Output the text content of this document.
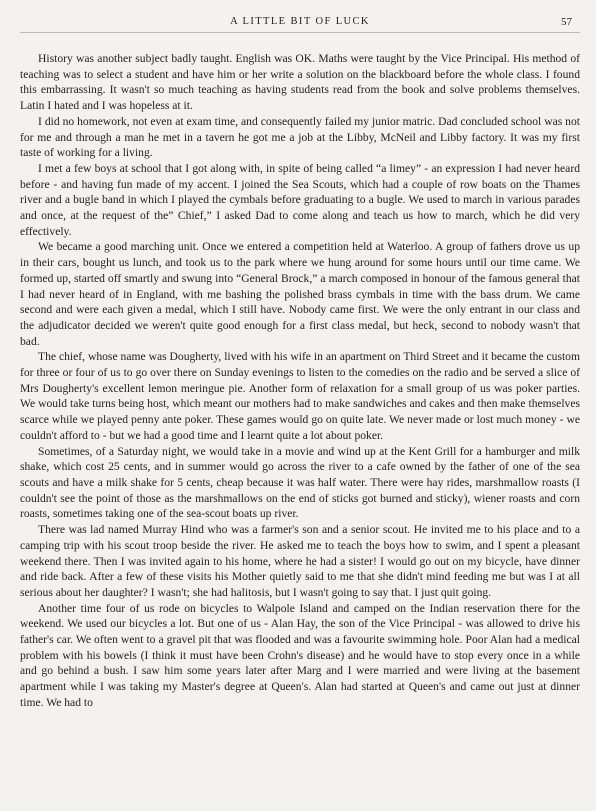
A LITTLE BIT OF LUCK	57

History was another subject badly taught. English was OK. Maths were taught by the Vice Principal. His method of teaching was to select a student and have him or her write a solution on the blackboard before the whole class. I found this embarrassing. It wasn't so much teaching as having students read from the book and solve problems themselves. Latin I hated and I was hopeless at it.

I did no homework, not even at exam time, and consequently failed my junior matric. Dad concluded school was not for me and through a man he met in a tavern he got me a job at the Libby, McNeil and Libby factory. It was my first taste of working for a living.

I met a few boys at school that I got along with, in spite of being called “a limey” - an expression I had never heard before - and having fun made of my accent. I joined the Sea Scouts, which had a couple of row boats on the Thames river and a bugle band in which I played the cymbals before graduating to a bugle. We used to march in various parades and once, at the request of the” Chief,” I asked Dad to come along and teach us how to march, which he did very effectively.

We became a good marching unit. Once we entered a competition held at Waterloo. A group of fathers drove us up in their cars, bought us lunch, and took us to the park where we hung around for some hours until our time came. We formed up, started off smartly and swung into “General Brock,” a march composed in honour of the famous general that I had never heard of in England, with me bashing the polished brass cymbals in time with the bass drum. We came second and were each given a medal, which I still have. Nobody came first. We were the only entrant in our class and the adjudicator decided we weren't quite good enough for a first class medal, but heck, second to nobody wasn't that bad.

The chief, whose name was Dougherty, lived with his wife in an apartment on Third Street and it became the custom for three or four of us to go over there on Sunday evenings to listen to the comedies on the radio and be served a slice of Mrs Dougherty's excellent lemon meringue pie. Another form of relaxation for a small group of us was poker parties. We would take turns being host, which meant our mothers had to make sandwiches and cakes and then make themselves scarce while we played penny ante poker. These games would go on quite late. We never made or lost much money - we couldn't afford to - but we had a good time and I learnt quite a lot about poker.

Sometimes, of a Saturday night, we would take in a movie and wind up at the Kent Grill for a hamburger and milk shake, which cost 25 cents, and in summer would go across the river to a cafe owned by the father of one of the sea scouts and have a milk shake for 5 cents, cheap because it was half water. There were hay rides, marshmallow roasts (I couldn't see the point of those as the marshmallows on the end of sticks got burned and sticky), wiener roasts and corn roasts, sometimes taking one of the sea-scout boats up river.

There was lad named Murray Hind who was a farmer's son and a senior scout. He invited me to his place and to a camping trip with his scout troop beside the river. He asked me to teach the boys how to swim, and I spent a pleasant weekend there. Then I was invited again to his home, where he had a sister! I would go out on my bicycle, have dinner and ride back. After a few of these visits his Mother quietly said to me that she didn't mind feeding me but was I at all serious about her daughter? I wasn't; she had halitosis, but I wasn't going to say that. I just quit going.

Another time four of us rode on bicycles to Walpole Island and camped on the Indian reservation there for the weekend. We used our bicycles a lot. But one of us - Alan Hay, the son of the Vice Principal - was allowed to drive his father's car. We often went to a gravel pit that was flooded and was a favourite swimming hole. Poor Alan had a medical problem with his bowels (I think it must have been Crohn's disease) and he would have to stop every once in a while and go behind a bush. I saw him some years later after Marg and I were married and were living at the basement apartment while I was taking my Master's degree at Queen's. Alan had started at Queen's and came out just at dinner time. We had to
